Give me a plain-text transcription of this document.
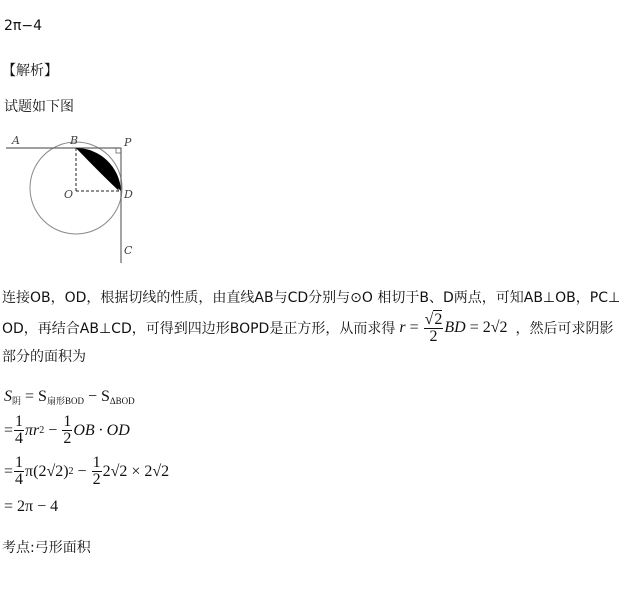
2π−4
【解析】
试题如下图
A	B	P
O	D
C
连接OB，OD，根据切线的性质，由直线AB与CD分别与⊙O 相切于B、D两点，可知AB⊥OB，PC⊥
OD，再结合AB⊥CD，可得到四边形BOPD是正方形，从而求得 $r = \frac{√2}{2}$ BD
= 2√2 ，然后可求阴影
部分的面积为
$S_阴 = S_{扇形BOD} - S_{\Delta BOD}$
= $\frac{1}{4}$ πr $2 - \frac{1}{2}$ OB · OD
= $\frac{1}{4} \pi(2√2) 2 - \frac{1}{2} 2√2 \times 2√2$
= 2π − 4
考点:弓形面积
